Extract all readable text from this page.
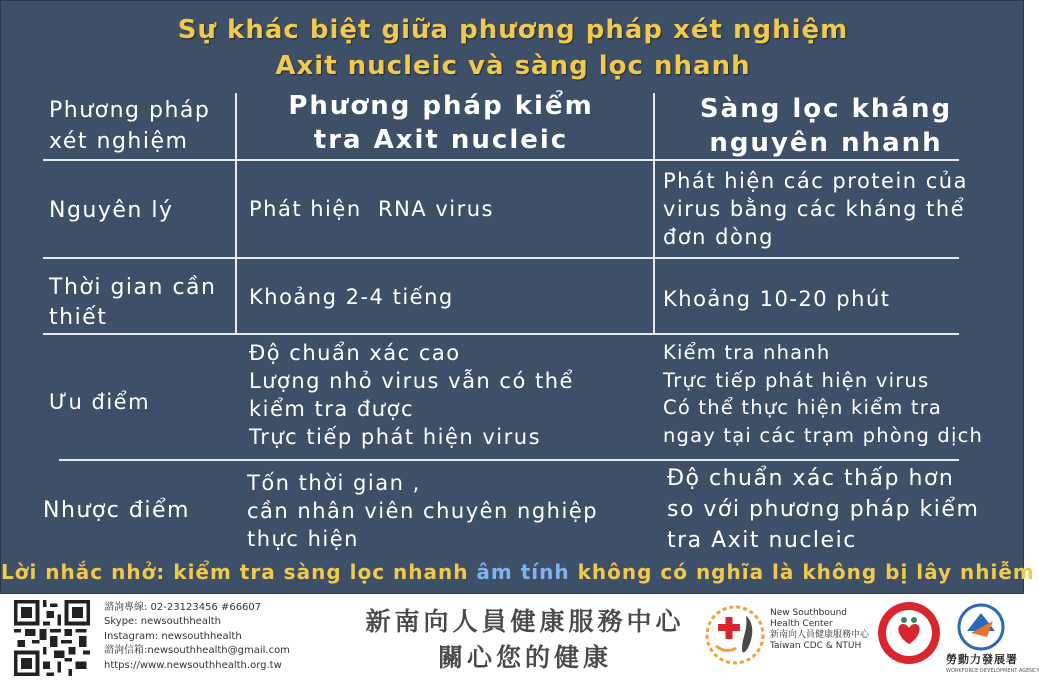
Sự khác biệt giữa phương pháp xét nghiệm
Axit nucleic và sàng lọc nhanh
Phương pháp
xét nghiệm
Phương pháp kiểm
tra Axit nucleic
Sàng lọc kháng
nguyên nhanh
Nguyên lý	Phát hiện  RNA virus
Phát hiện các protein của
virus bằng các kháng thể
đơn dòng
Thời gian cần
thiết
Khoảng 2-4 tiếng	Khoảng 10-20 phút
Ưu điểm
Độ chuẩn xác cao
Lượng nhỏ virus vẫn có thể
kiểm tra được
Trực tiếp phát hiện virus
Kiểm tra nhanh
Trực tiếp phát hiện virus
Có thể thực hiện kiểm tra
ngay tại các trạm phòng dịch
Nhược điểm
Tốn thời gian ,
cần nhân viên chuyên nghiệp
thực hiện
Độ chuẩn xác thấp hơn
so với phương pháp kiểm
tra Axit nucleic
Lời nhắc nhở: kiểm tra sàng lọc nhanh âm tính không có nghĩa là không bị lây nhiễm
諮詢專線: 02-23123456 #66607
Skype: newsouthhealth
Instagram: newsouthhealth
諮詢信箱:newsouthhealth@gmail.com
https://www.newsouthhealth.org.tw
新南向人員健康服務中心
關心您的健康
New Southbound
Health Center
新南向人員健康服務中心
Taiwan CDC & NTUH
勞動力發展署
WORKFORCE DEVELOPMENT AGENCY
